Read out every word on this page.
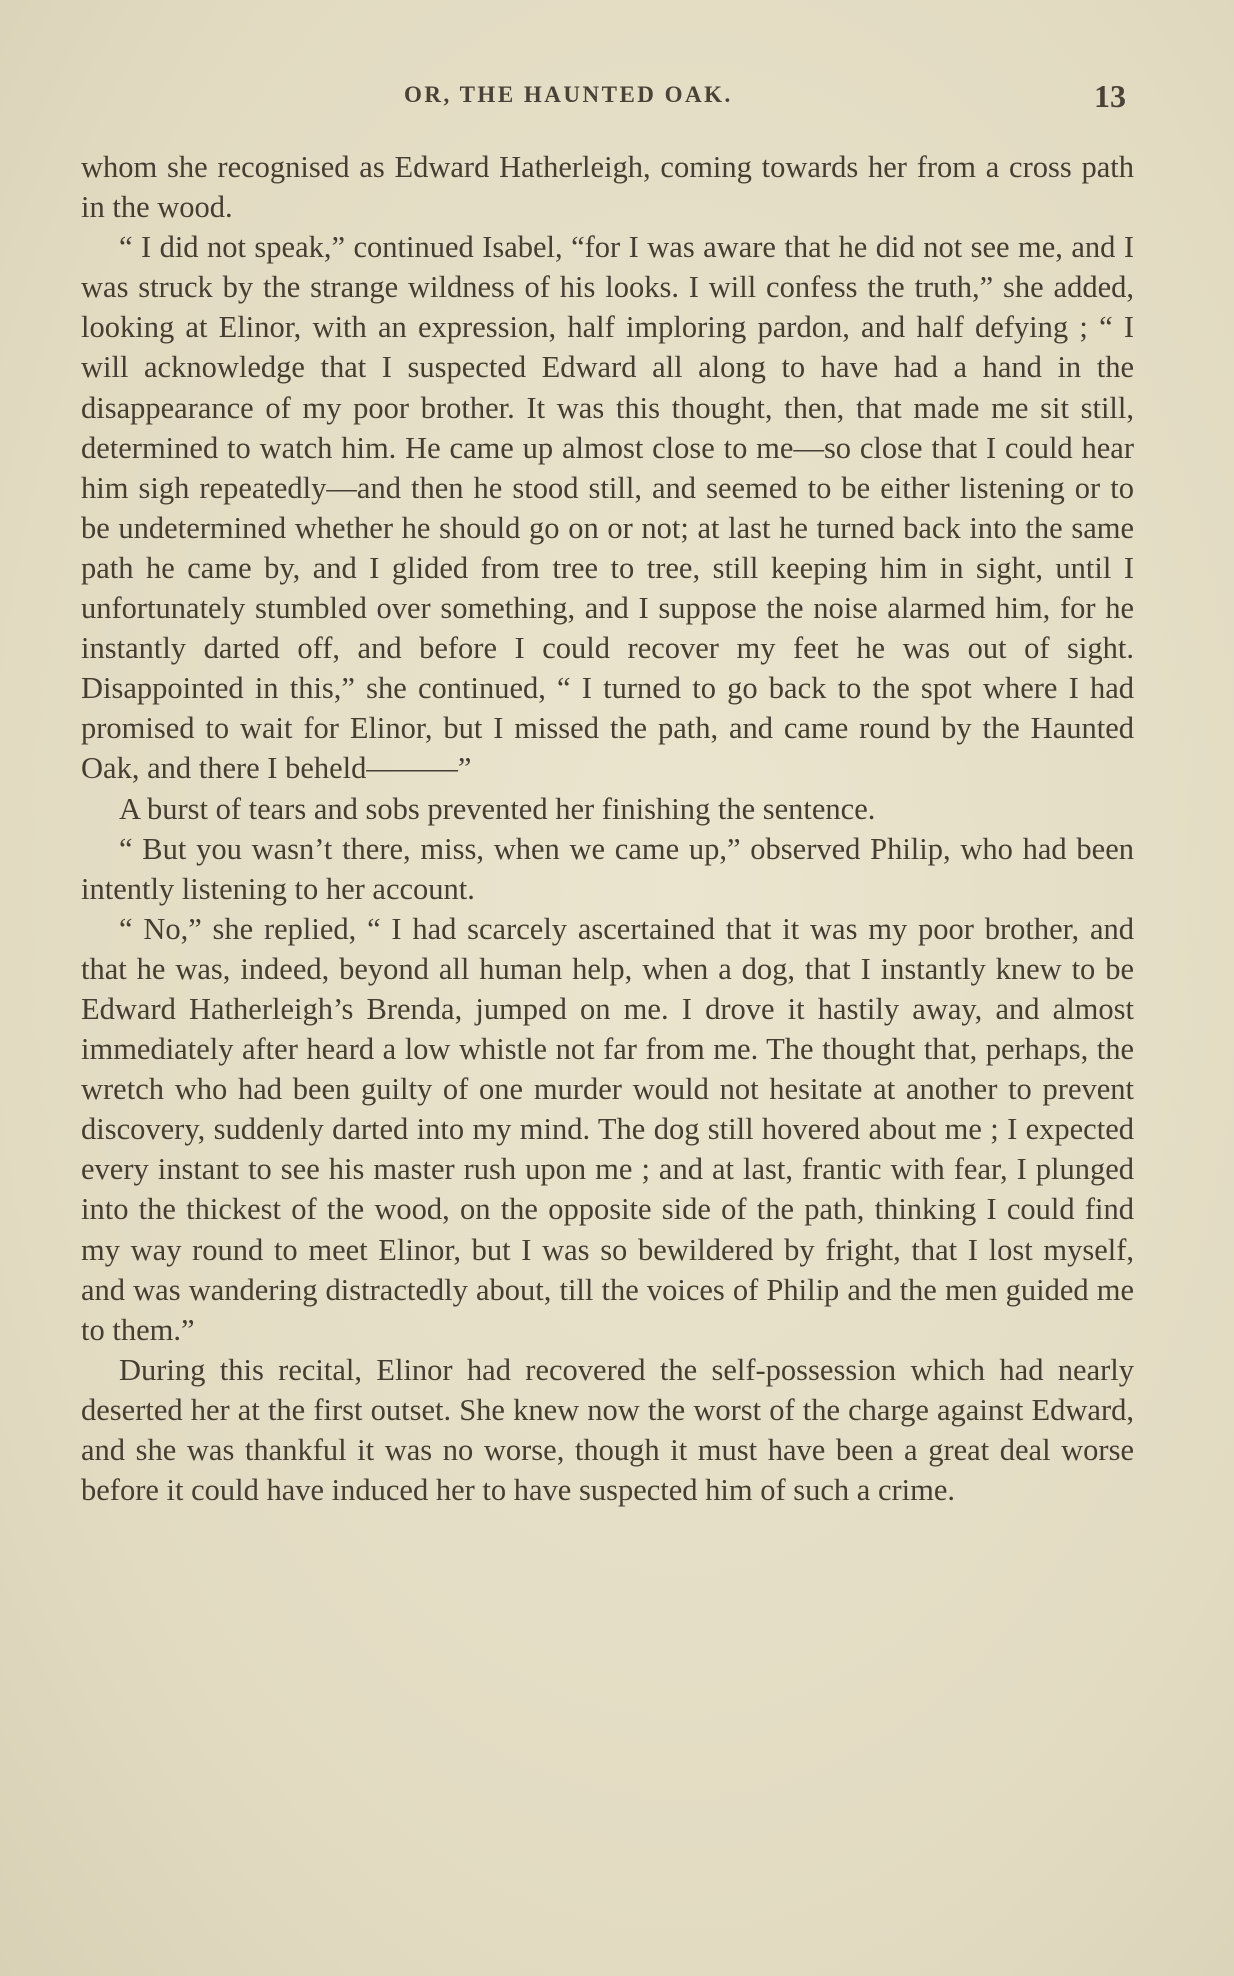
OR, THE HAUNTED OAK.	13

whom she recognised as Edward Hatherleigh, coming towards her from a cross path in the wood.

“ I did not speak,” continued Isabel, “for I was aware that he did not see me, and I was struck by the strange wildness of his looks. I will confess the truth,” she added, looking at Elinor, with an expression, half imploring pardon, and half defying ; “ I will acknowledge that I suspected Edward all along to have had a hand in the disappearance of my poor brother. It was this thought, then, that made me sit still, determined to watch him. He came up almost close to me—so close that I could hear him sigh repeatedly—and then he stood still, and seemed to be either listening or to be undetermined whether he should go on or not; at last he turned back into the same path he came by, and I glided from tree to tree, still keeping him in sight, until I unfortunately stumbled over something, and I suppose the noise alarmed him, for he instantly darted off, and before I could recover my feet he was out of sight. Disappointed in this,” she continued, “ I turned to go back to the spot where I had promised to wait for Elinor, but I missed the path, and came round by the Haunted Oak, and there I beheld———”

A burst of tears and sobs prevented her finishing the sentence.

“ But you wasn’t there, miss, when we came up,” observed Philip, who had been intently listening to her account.

“ No,” she replied, “ I had scarcely ascertained that it was my poor brother, and that he was, indeed, beyond all human help, when a dog, that I instantly knew to be Edward Hatherleigh’s Brenda, jumped on me. I drove it hastily away, and almost immediately after heard a low whistle not far from me. The thought that, perhaps, the wretch who had been guilty of one murder would not hesitate at another to prevent discovery, suddenly darted into my mind. The dog still hovered about me ; I expected every instant to see his master rush upon me ; and at last, frantic with fear, I plunged into the thickest of the wood, on the opposite side of the path, thinking I could find my way round to meet Elinor, but I was so bewildered by fright, that I lost myself, and was wandering distractedly about, till the voices of Philip and the men guided me to them.”

During this recital, Elinor had recovered the self-possession which had nearly deserted her at the first outset. She knew now the worst of the charge against Edward, and she was thankful it was no worse, though it must have been a great deal worse before it could have induced her to have suspected him of such a crime.
